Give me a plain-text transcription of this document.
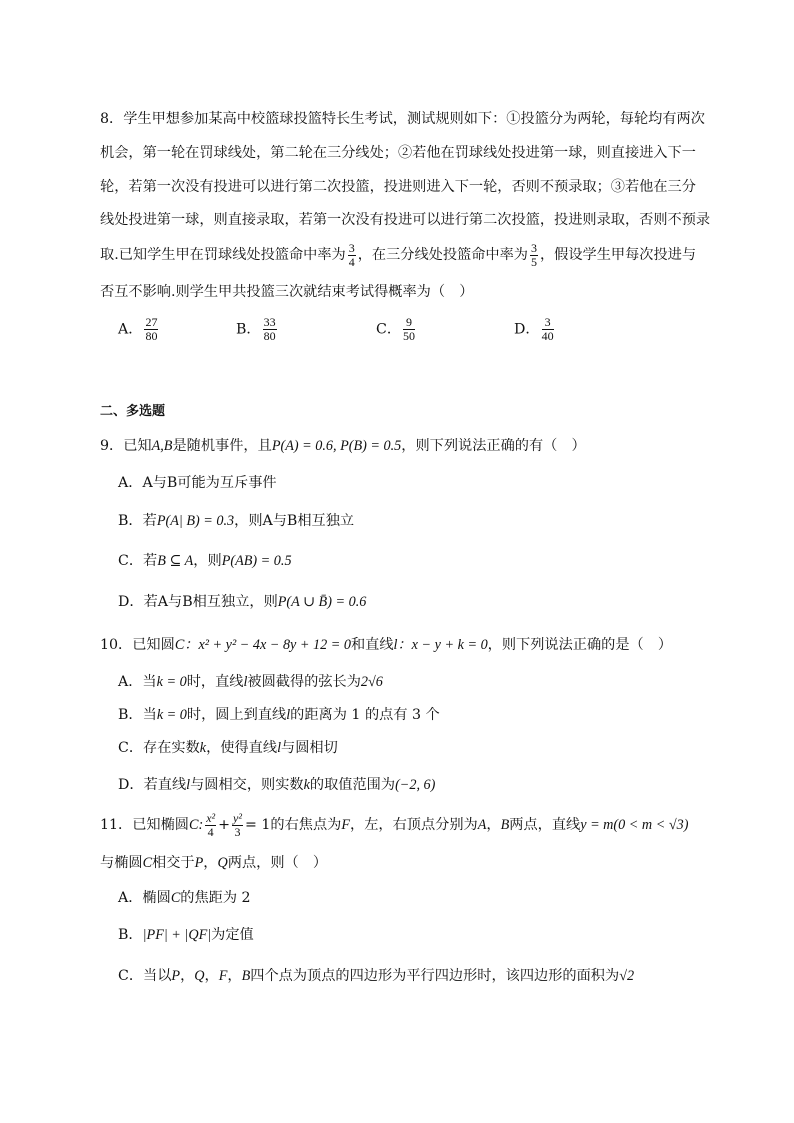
8．学生甲想参加某高中校篮球投篮特长生考试，测试规则如下：①投篮分为两轮，每轮均有两次
机会，第一轮在罚球线处，第二轮在三分线处；②若他在罚球线处投进第一球，则直接进入下一
轮，若第一次没有投进可以进行第二次投篮，投进则进入下一轮，否则不预录取；③若他在三分
线处投进第一球，则直接录取，若第一次没有投进可以进行第二次投篮，投进则录取，否则不预录
取.已知学生甲在罚球线处投篮命中率为 $\frac{3}{4}$ ，在三分线处投篮命中率为 $\frac{3}{5}$ ，假设学生甲每次投进与
否互不影响.则学生甲共投篮三次就结束考试得概率为（　）
A． $\frac{27}{80}$	B． $\frac{33}{80}$	C． $\frac{9}{50}$	D． $\frac{3}{40}$
二、多选题
9．已知A,B是随机事件，且P(A) = 0.6, P(B) = 0.5，则下列说法正确的有（　）
A．A与B可能为互斥事件
B．若P(A| B) = 0.3，则A与B相互独立
C．若B ⊆ A，则P(AB) = 0.5
D．若A与B相互独立，则P(A ∪ B̄) = 0.6
10．已知圆C：x² + y² − 4x − 8y + 12 = 0和直线l：x − y + k = 0，则下列说法正确的是（　）
A．当k = 0时，直线l被圆截得的弦长为2√6
B．当k = 0时，圆上到直线l的距离为 1 的点有 3 个
C．存在实数k，使得直线l与圆相切
D．若直线l与圆相交，则实数k的取值范围为(−2, 6)
11．已知椭圆C: $\frac{\text{x²}}{4} + \frac{\text{y²}}{3} = 1$的右焦点为F，左，右顶点分别为A，B两点，直线y = m(0 < m < √3)
与椭圆C相交于P，Q两点，则（　）
A．椭圆C的焦距为 2
B．|PF| + |QF|为定值
C．当以P，Q，F，B四个点为顶点的四边形为平行四边形时，该四边形的面积为√2
